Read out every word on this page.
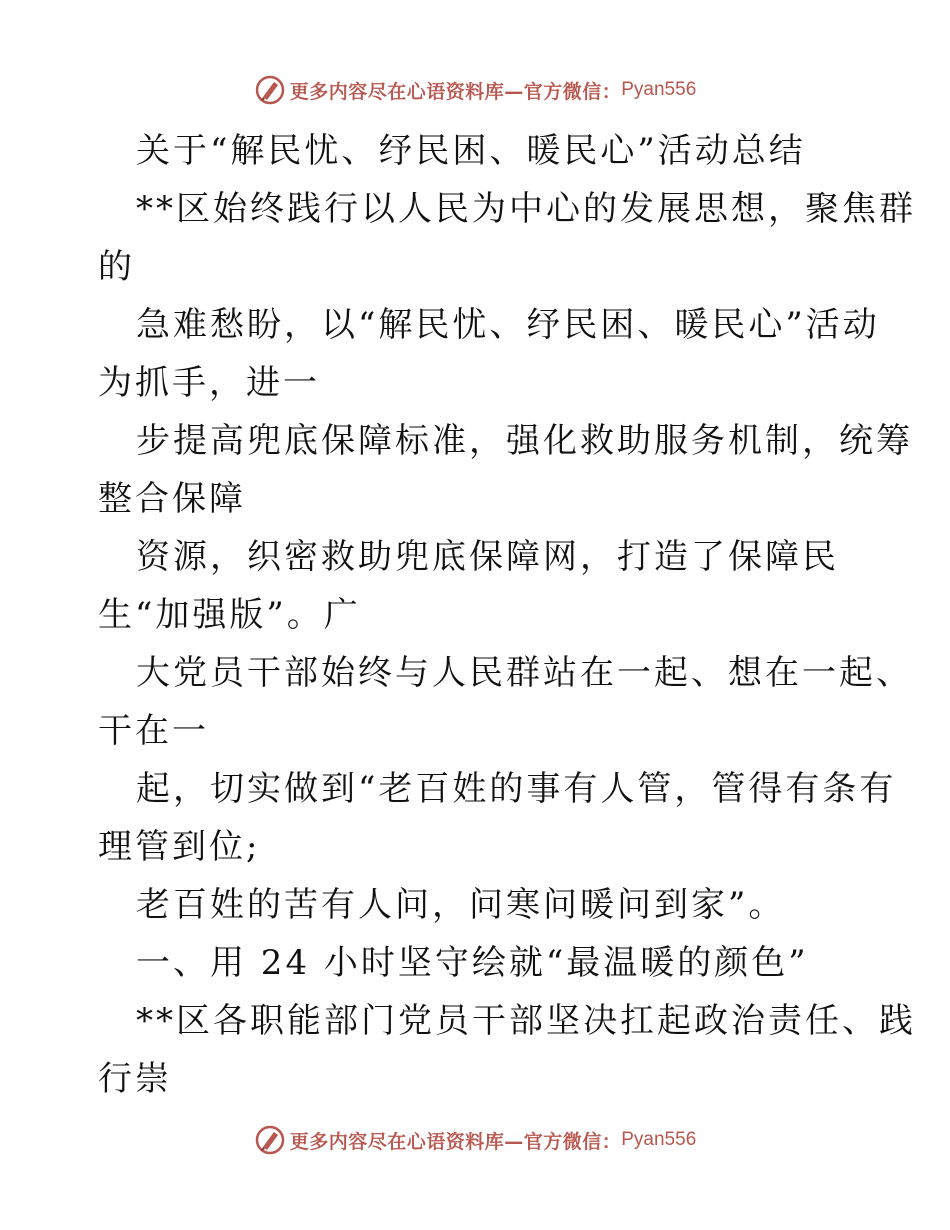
更多内容尽在心语资料库—官方微信： Pyan556
关于“解民忧、纾民困、暖民心”活动总结
**区始终践行以人民为中心的发展思想，聚焦群
的
急难愁盼，以“解民忧、纾民困、暖民心”活动
为抓手，进一
步提高兜底保障标准，强化救助服务机制，统筹
整合保障
资源，织密救助兜底保障网，打造了保障民
生“加强版”。广
大党员干部始终与人民群站在一起、想在一起、
干在一
起，切实做到“老百姓的事有人管，管得有条有
理管到位;
老百姓的苦有人问，问寒问暖问到家”。
一、用 24 小时坚守绘就“最温暖的颜色”
**区各职能部门党员干部坚决扛起政治责任、践
行崇
更多内容尽在心语资料库—官方微信： Pyan556
